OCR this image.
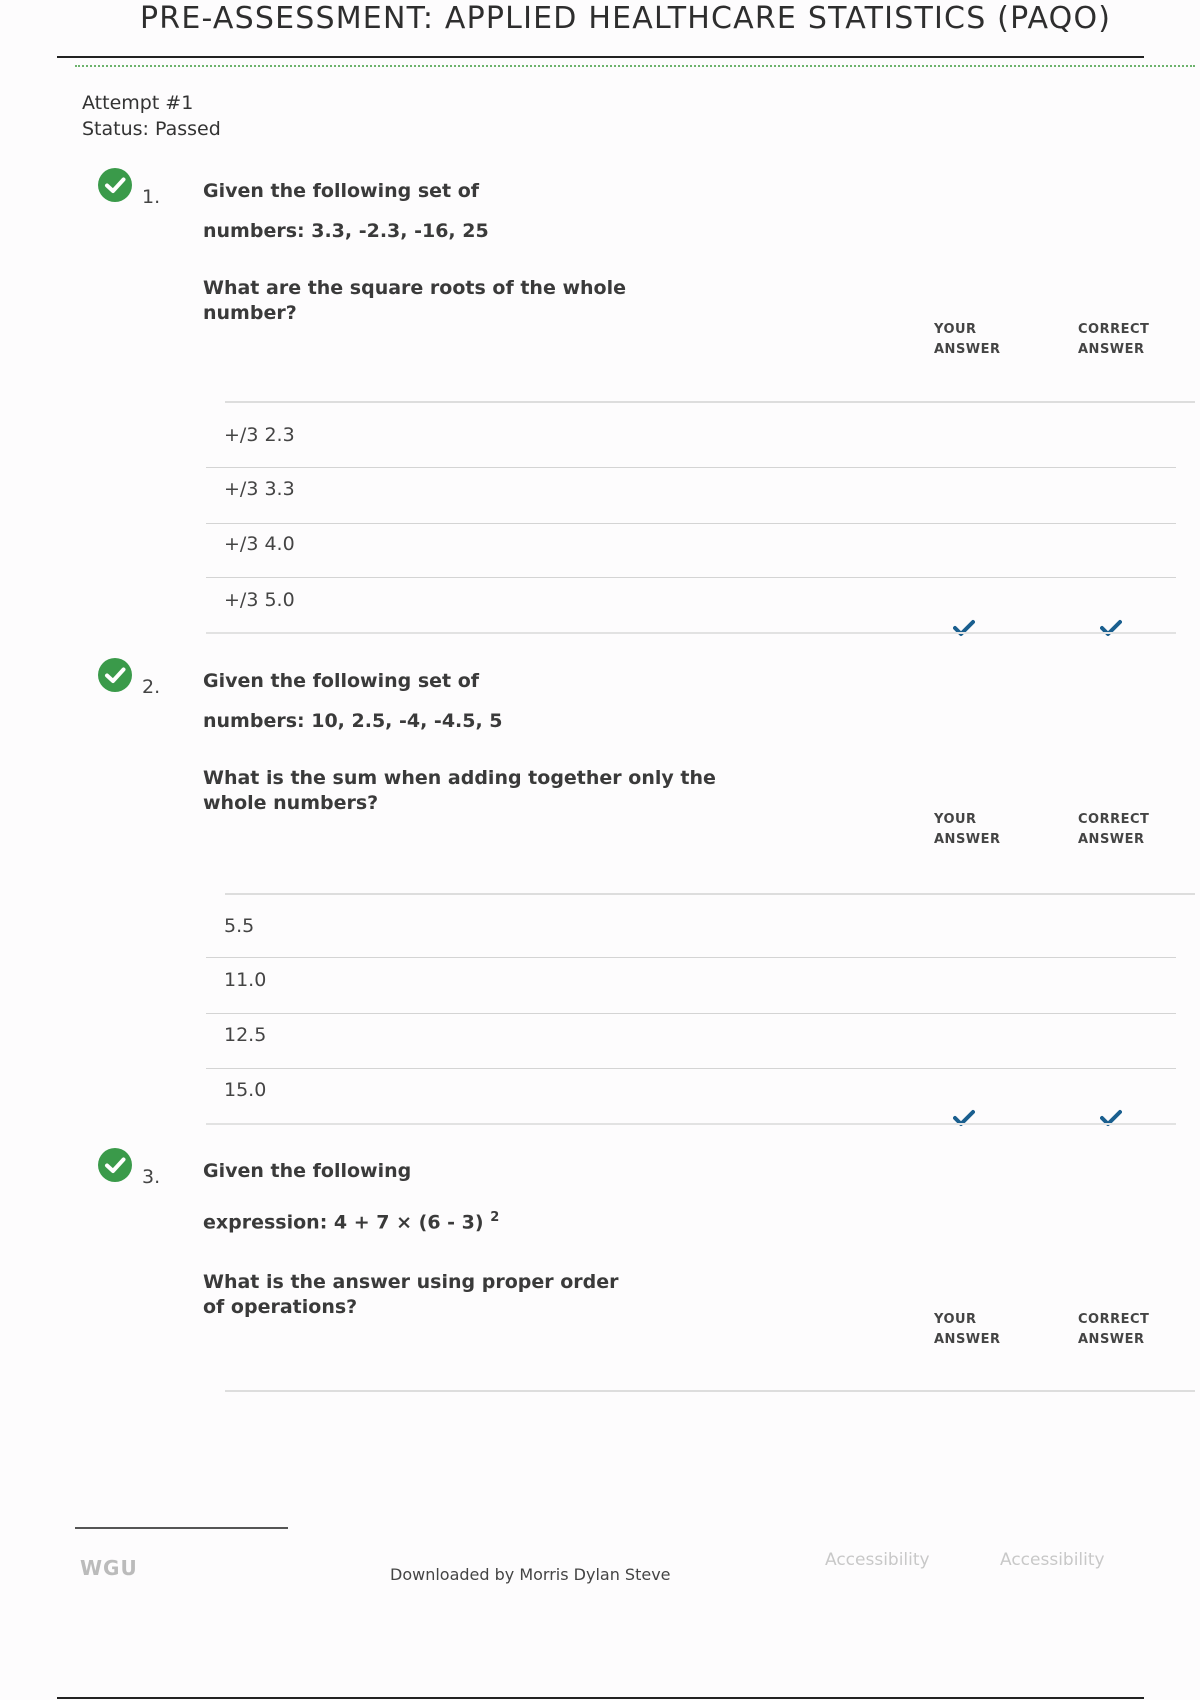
PRE-ASSESSMENT: APPLIED HEALTHCARE STATISTICS (PAQO)
Attempt #1
Status: Passed
1. Given the following set of
numbers: 3.3, -2.3, -16, 25
What are the square roots of the whole number?
YOUR ANSWER
CORRECT ANSWER
+/3 2.3
+/3 3.3
+/3 4.0
+/3 5.0
2. Given the following set of
numbers: 10, 2.5, -4, -4.5, 5
What is the sum when adding together only the whole numbers?
YOUR ANSWER
CORRECT ANSWER
5.5
11.0
12.5
15.0
3. Given the following
expression: 4 + 7 × (6 - 3) $^2$
What is the answer using proper order of operations?
YOUR ANSWER
CORRECT ANSWER
WGU	Downloaded by Morris Dylan Steve
Accessibility	Accessibility
